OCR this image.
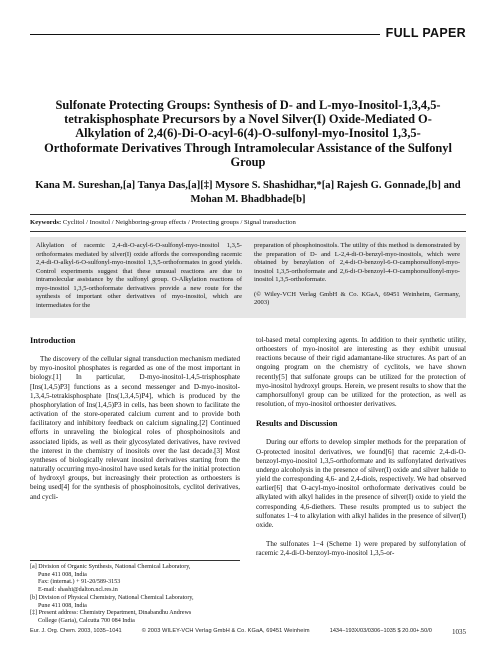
FULL PAPER
Sulfonate Protecting Groups: Synthesis of D- and L-myo-Inositol-1,3,4,5-tetrakisphosphate Precursors by a Novel Silver(I) Oxide-Mediated O-Alkylation of 2,4(6)-Di-O-acyl-6(4)-O-sulfonyl-myo-Inositol 1,3,5-Orthoformate Derivatives Through Intramolecular Assistance of the Sulfonyl Group
Kana M. Sureshan,[a] Tanya Das,[a][‡] Mysore S. Shashidhar,*[a] Rajesh G. Gonnade,[b] and
Mohan M. Bhadbhade[b]
Keywords: Cyclitol / Inositol / Neighboring-group effects / Protecting groups / Signal transduction

Alkylation of racemic 2,4-di-O-acyl-6-O-sulfonyl-myo-inositol 1,3,5-orthoformates mediated by silver(I) oxide affords the corresponding racemic 2,4-di-O-alkyl-6-O-sulfonyl-myo-inositol 1,3,5-orthoformates in good yields. Control experiments suggest that these unusual reactions are due to intramolecular assistance by the sulfonyl group. O-Alkylation reactions of myo-inositol 1,3,5-orthoformate derivatives provide a new route for the synthesis of important other derivatives of myo-inositol, which are intermediates for the

preparation of phosphoinositols. The utility of this method is demonstrated by the preparation of D- and L-2,4-di-O-benzyl-myo-inositols, which were obtained by benzylation of 2,4-di-O-benzoyl-6-O-camphorsulfonyl-myo-inositol 1,3,5-orthoformate and 2,6-di-O-benzoyl-4-O-camphorsulfonyl-myo-inositol 1,3,5-orthoformate.

(© Wiley-VCH Verlag GmbH & Co. KGaA, 69451 Weinheim, Germany, 2003)

Introduction

The discovery of the cellular signal transduction mechanism mediated by myo-inositol phosphates is regarded as one of the most important in biology.[1] In particular, D-myo-inositol-1,4,5-trisphosphate [Ins(1,4,5)P3] functions as a second messenger and D-myo-inositol-1,3,4,5-tetrakisphosphate [Ins(1,3,4,5)P4], which is produced by the phosphorylation of Ins(1,4,5)P3 in cells, has been shown to facilitate the activation of the store-operated calcium current and to provide both facilitatory and inhibitory feedback on calcium signaling.[2] Continued efforts in unraveling the biological roles of phosphoinositols and associated lipids, as well as their glycosylated derivatives, have revived the interest in the chemistry of inositols over the last decade.[3] Most syntheses of biologically relevant inositol derivatives starting from the naturally occurring myo-inositol have used ketals for the initial protection of hydroxyl groups, but increasingly their protection as orthoesters is being used[4] for the synthesis of phosphoinositols, cyclitol derivatives, and cycli-

tol-based metal complexing agents. In addition to their synthetic utility, orthoesters of myo-inositol are interesting as they exhibit unusual reactions because of their rigid adamantane-like structures. As part of an ongoing program on the chemistry of cyclitols, we have shown recently[5] that sulfonate groups can be utilized for the protection of myo-inositol hydroxyl groups. Herein, we present results to show that the camphorsulfonyl group can be utilized for the protection, as well as resolution, of myo-inositol orthoester derivatives.

Results and Discussion

During our efforts to develop simpler methods for the preparation of O-protected inositol derivatives, we found[6] that racemic 2,4-di-O-benzoyl-myo-inositol 1,3,5-orthoformate and its sulfonylated derivatives undergo alcoholysis in the presence of silver(I) oxide and silver halide to yield the corresponding 4,6- and 2,4-diols, respectively. We had observed earlier[6] that O-acyl-myo-inositol orthoformate derivatives could be alkylated with alkyl halides in the presence of silver(I) oxide to yield the corresponding 4,6-diethers. These results prompted us to subject the sulfonates 1−4 to alkylation with alkyl halides in the presence of silver(I) oxide.

The sulfonates 1−4 (Scheme 1) were prepared by sulfonylation of racemic 2,4-di-O-benzoyl-myo-inositol 1,3,5-or-

[a] Division of Organic Synthesis, National Chemical Laboratory,
Pune 411 008, India
Fax: (internat.) + 91-20/589-3153
E-mail: shashi@dalton.ncl.res.in
[b] Division of Physical Chemistry, National Chemical Laboratory,
Pune 411 008, India
[‡] Present address: Chemistry Department, Dinabandhu Andrews
College (Garia), Calcutta 700 084 India
Eur. J. Org. Chem. 2003, 1035−1041	© 2003 WILEY-VCH Verlag GmbH & Co. KGaA, 69451 Weinheim	1434−193X/03/0306−1035 $ 20.00+.50/0	1035
